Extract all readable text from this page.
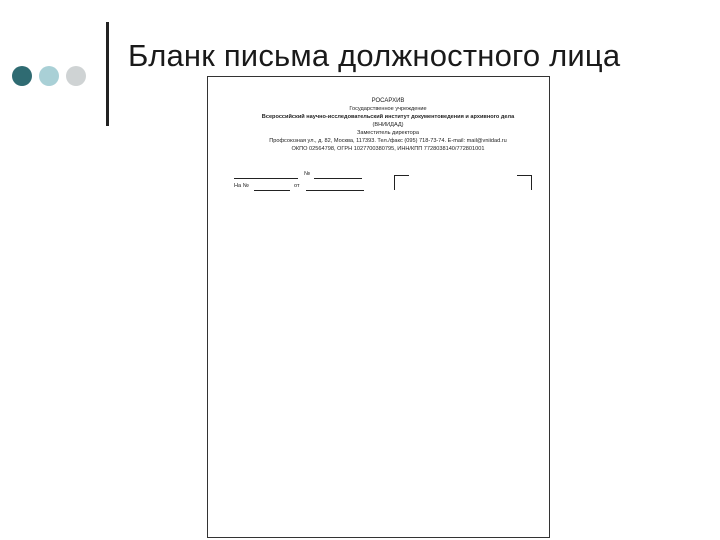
Бланк письма должностного лица
РОСАРХИВ
Государственное учреждение
Всероссийский научно-исследовательский институт документоведения и архивного дела
(ВНИИДАД)
Заместитель директора
Профсоюзная ул., д. 82, Москва, 117393. Тел./факс (095) 718-73-74. E-mail: mail@vniidad.ru
ОКПО 02564798, ОГРН 1027700380795, ИНН/КПП 7728038140/772801001
№
На №	от
